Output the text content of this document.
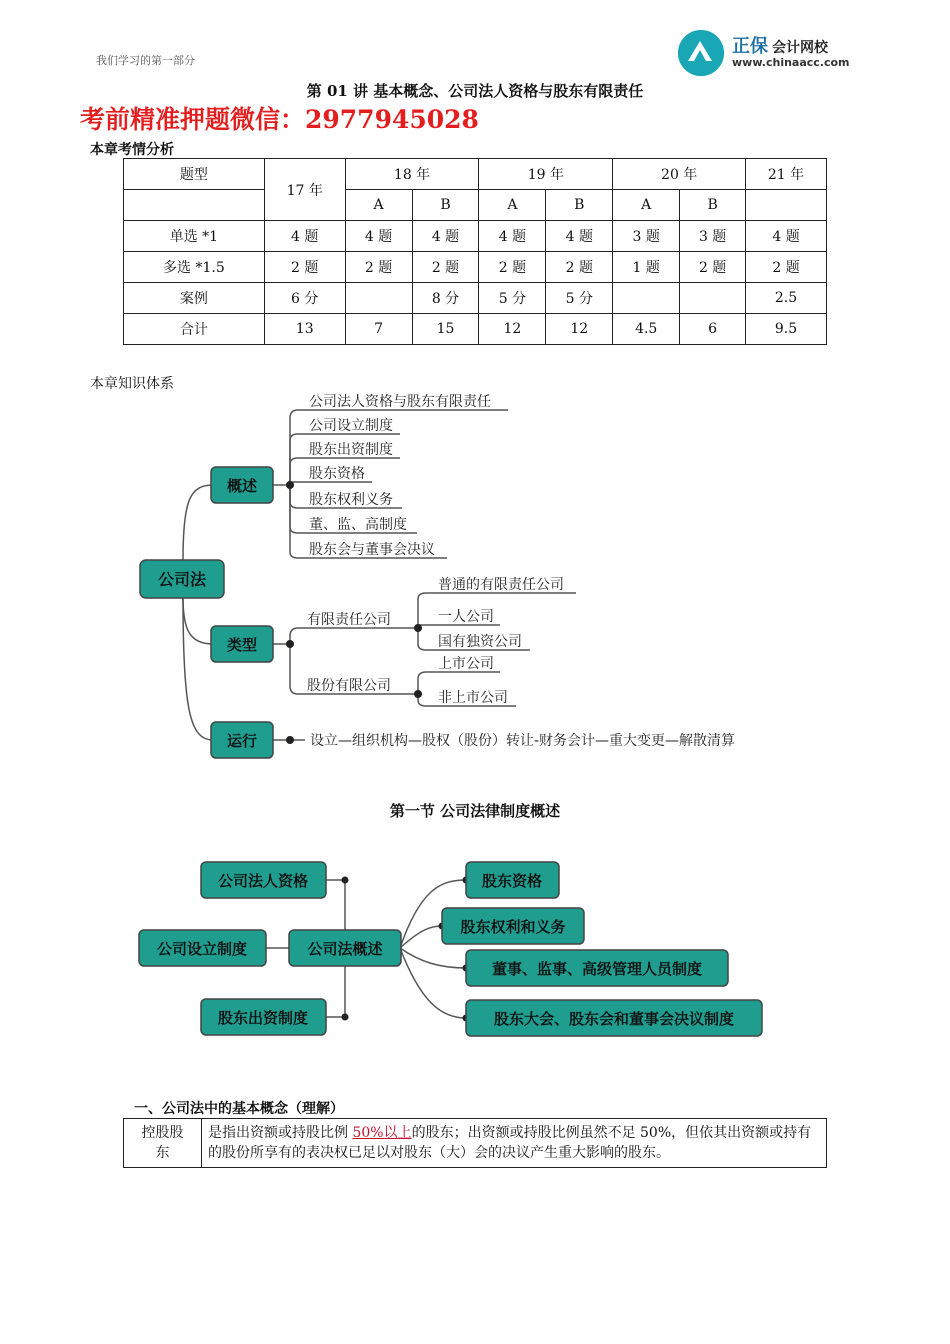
我们学习的第一部分
正保 会计网校
www.chinaacc.com
第 01 讲 基本概念、公司法人资格与股东有限责任
考前精准押题微信：2977945028
本章考情分析
题型	17 年	18 年		19 年		20 年		21 年
		A	B	A	B	A	B	
单选 *1	4 题	4 题	4 题	4 题	4 题	3 题	3 题	4 题
多选 *1.5	2 题	2 题	2 题	2 题	2 题	1 题	2 题	2 题
案例	6 分		8 分	5 分	5 分			2.5
合计	13	7	15	12	12	4.5	6	9.5
本章知识体系
公司法
概述
类型
运行
公司法人资格与股东有限责任
公司设立制度
股东出资制度
股东资格
股东权利义务
董、监、高制度
股东会与董事会决议
有限责任公司
股份有限公司
普通的有限责任公司
一人公司
国有独资公司
上市公司
非上市公司
设立—组织机构—股权（股份）转让-财务会计—重大变更—解散清算
第一节 公司法律制度概述
公司法概述
公司法人资格
公司设立制度
股东出资制度
股东资格
股东权利和义务
董事、监事、高级管理人员制度
股东大会、股东会和董事会决议制度
一、公司法中的基本概念（理解）
控股股
东	是指出资额或持股比例 50%以上的股东；出资额或持股比例虽然不足 50%，但依其出资额或持有的股份所享有的表决权已足以对股东（大）会的决议产生重大影响的股东。
